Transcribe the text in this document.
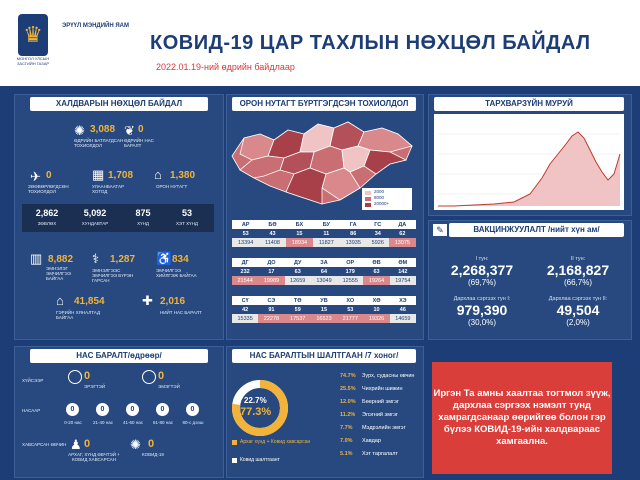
♛
МОНГОЛ УЛСЫН ЗАСГИЙН ГАЗАР
ЭРҮҮЛ МЭНДИЙН ЯАМ
КОВИД-19 ЦАР ТАХЛЫН НӨХЦӨЛ БАЙДАЛ
2022.01.19-ний өдрийн байдлаар
ХАЛДВАРЫН НӨХЦӨЛ БАЙДАЛ
✺ 3,088
ӨДРИЙН БАТЛАГДСАН ТОХИОЛДОЛ
❦ 0
ӨДРИЙН НАС БАРАЛТ
✈ 0
ЗӨӨВӨРЛӨГДСӨН ТОХИОЛДОЛ
▦ 1,708
УЛААНБААТАР ХОТОД
⌂ 1,380
ОРОН НУТАГТ
2,862
ЗӨВЛӨХ
5,092
ХУНДАВТАР
875
ХҮНД
53
ХЭТ ХҮНД
▥ 8,882
ЭМНЭЛЭГ ЭМЧИЛГЭЭ БАЙГАА
⚕ 1,287
ЭМНЭЛГЭЭС ЭМЧИЛГЭЭ БҮРЭН ГАРСАН
♿ 834
ЭМЧИЛГЭЭ ХИЙЛГЭЖ БАЙГАА
⌂ 41,854
ГЭРИЙН ХЯНАЛТАД БАЙГАА
✚ 2,016
НИЙТ НАС БАРАЛТ
ОРОН НУТАГТ БҮРТГЭГДСЭН ТОХИОЛДОЛ
2000
8000
20000+
АР	БӨ	БХ	БУ	ГА	ГС	ДА
53	43	15	11	86	34	62
13394	11408	18934	11827	13935	5926	13075
ДГ	ДО	ДУ	ЗА	ОР	ӨВ	ӨМ
232	17	63	64	179	63	142
21544	19989	12659	13049	12555	19264	19754
СҮ	СЭ	ТӨ	УВ	ХО	ХӨ	ХЭ
42	91	59	15	53	10	46
15335	22278	17537	16523	21777	19326	14659
ТАРХВАРЗҮЙН МУРУЙ
✎	ВАКЦИНЖУУЛАЛТ /нийт хүн ам/
I тун:
2,268,377
(69,7%)
II тун:
2,168,827
(66,7%)
Дархлаа сэргээх тун I:
979,390
(30,0%)
Дархлаа сэргээх тун II:
49,504
(2,0%)
НАС БАРАЛТ/өдрөөр/
ХҮЙСЭЭР	0
ЭРЭГТЭЙ
0
ЭМЭГТЭЙ
НАСААР	0
0-20 нас
0
21-40 нас
0
41-60 нас
0
61-80 нас
0
80-с дээш
ХАВСАРСАН ӨВЧИН ♟ 0
АРХАГ, ХҮНД ӨВЧТЭЙ + КОВИД ХАВСАРСАН
✺ 0
КОВИД-19
НАС БАРАЛТЫН ШАЛТГААН /7 хоног/
22.7%
77.3%
Архаг хүнд + Ковид хавсарсан
Ковид шалтгаант
74.7% Зүрх, судасны өвчин
25.5% Чихрийн шижин
12.0% Бөөрний эмгэг
11.2% Элэгний эмгэг
7.7% Мэдрэлийн эмгэг
7.0% Хавдар
5.1% Хэт таргалалт
Иргэн Та амны хаалтаа тогтмол зүүж, дархлаа сэргээх нэмэлт тунд хамрагдсанаар өөрийгөө болон гэр бүлээ КОВИД-19-ийн халдвараас хамгаална.
